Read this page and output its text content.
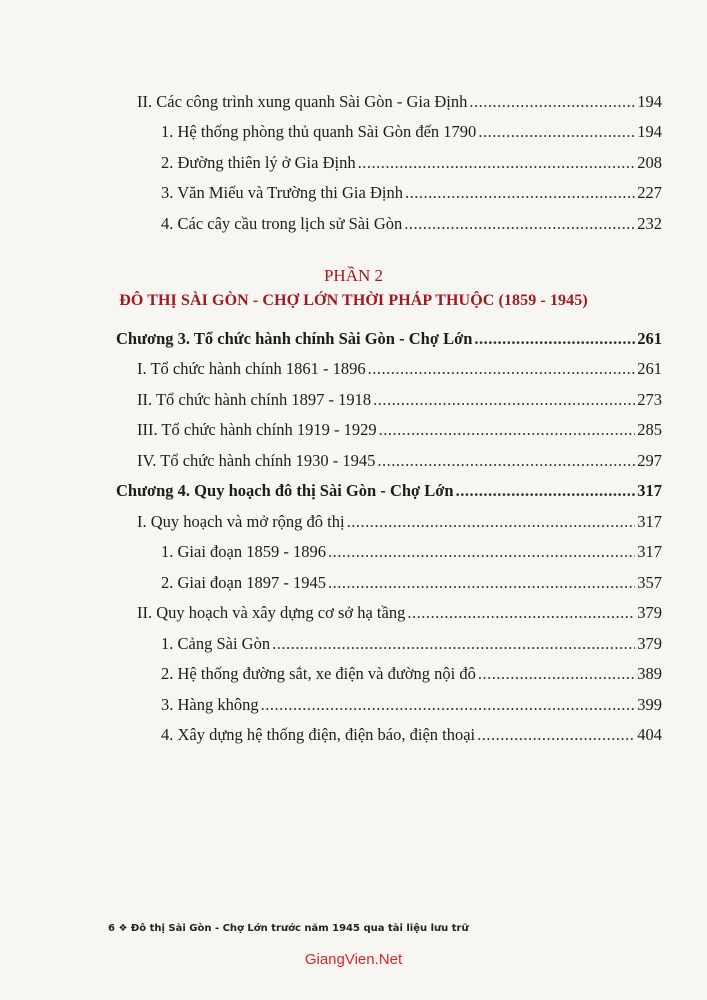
II. Các công trình xung quanh Sài Gòn - Gia Định .....	194
1. Hệ thống phòng thủ quanh Sài Gòn đến 1790 .....	194
2. Đường thiên lý ở Gia Định .....	208
3. Văn Miếu và Trường thi Gia Định .....	227
4. Các cây cầu trong lịch sử Sài Gòn .....	232
PHẦN 2
ĐÔ THỊ SÀI GÒN - CHỢ LỚN THỜI PHÁP THUỘC (1859 - 1945)
Chương 3. Tổ chức hành chính Sài Gòn - Chợ Lớn .....	261
I. Tổ chức hành chính 1861 - 1896 .....	261
II. Tổ chức hành chính 1897 - 1918 .....	273
III. Tổ chức hành chính 1919 - 1929 .....	285
IV. Tổ chức hành chính 1930 - 1945 .....	297
Chương 4. Quy hoạch đô thị Sài Gòn - Chợ Lớn .....	317
I. Quy hoạch và mở rộng đô thị .....	317
1. Giai đoạn 1859 - 1896 .....	317
2. Giai đoạn 1897 - 1945 .....	357
II. Quy hoạch và xây dựng cơ sở hạ tầng .....	379
1. Cảng Sài Gòn .....	379
2. Hệ thống đường sắt, xe điện và đường nội đô .....	389
3. Hàng không .....	399
4. Xây dựng hệ thống điện, điện báo, điện thoại .....	404
6 ❖ Đô thị Sài Gòn - Chợ Lớn trước năm 1945 qua tài liệu lưu trữ
GiangVien.Net
